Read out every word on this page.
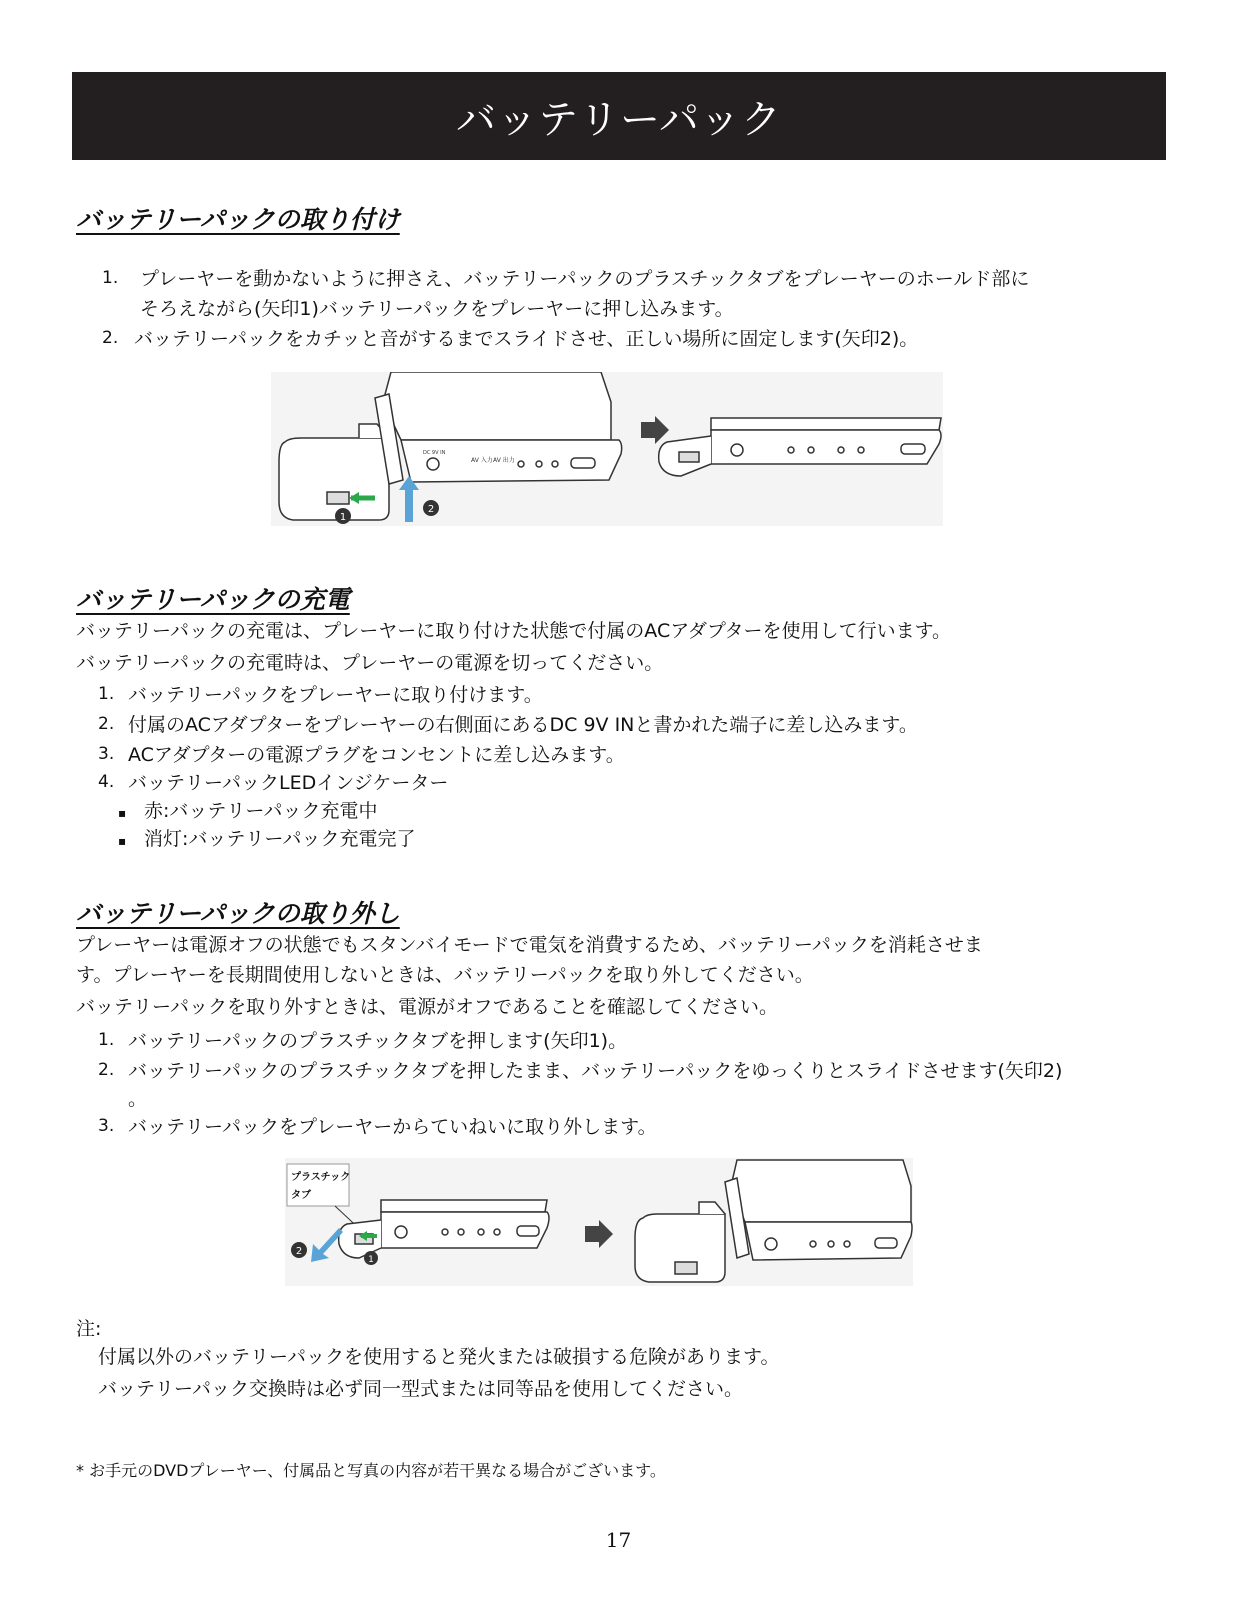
バッテリーパック
バッテリーパックの取り付け
1. プレーヤーを動かないように押さえ、バッテリーパックのプラスチックタブをプレーヤーのホールド部に
そろえながら(矢印1)バッテリーパックをプレーヤーに押し込みます。
2. バッテリーパックをカチッと音がするまでスライドさせ、正しい場所に固定します(矢印2)。
1
AV 入力 AV 出力
DC 9V IN
2
バッテリーパックの充電
バッテリーパックの充電は、プレーヤーに取り付けた状態で付属のACアダプターを使用して行います。
バッテリーパックの充電時は、プレーヤーの電源を切ってください。
1. バッテリーパックをプレーヤーに取り付けます。
2. 付属のACアダプターをプレーヤーの右側面にあるDC 9V INと書かれた端子に差し込みます。
3. ACアダプターの電源プラグをコンセントに差し込みます。
4. バッテリーパックLEDインジケーター
▪ 赤:バッテリーパック充電中
▪ 消灯:バッテリーパック充電完了
バッテリーパックの取り外し
プレーヤーは電源オフの状態でもスタンバイモードで電気を消費するため、バッテリーパックを消耗させま
す。プレーヤーを長期間使用しないときは、バッテリーパックを取り外してください。
バッテリーパックを取り外すときは、電源がオフであることを確認してください。
1. バッテリーパックのプラスチックタブを押します(矢印1)。
2. バッテリーパックのプラスチックタブを押したまま、バッテリーパックをゆっくりとスライドさせます(矢印2)
。
3. バッテリーパックをプレーヤーからていねいに取り外します。
プラスチック
タブ
2
1
注:
付属以外のバッテリーパックを使用すると発火または破損する危険があります。
バッテリーパック交換時は必ず同一型式または同等品を使用してください。
* お手元のDVDプレーヤー、付属品と写真の内容が若干異なる場合がございます。
17
